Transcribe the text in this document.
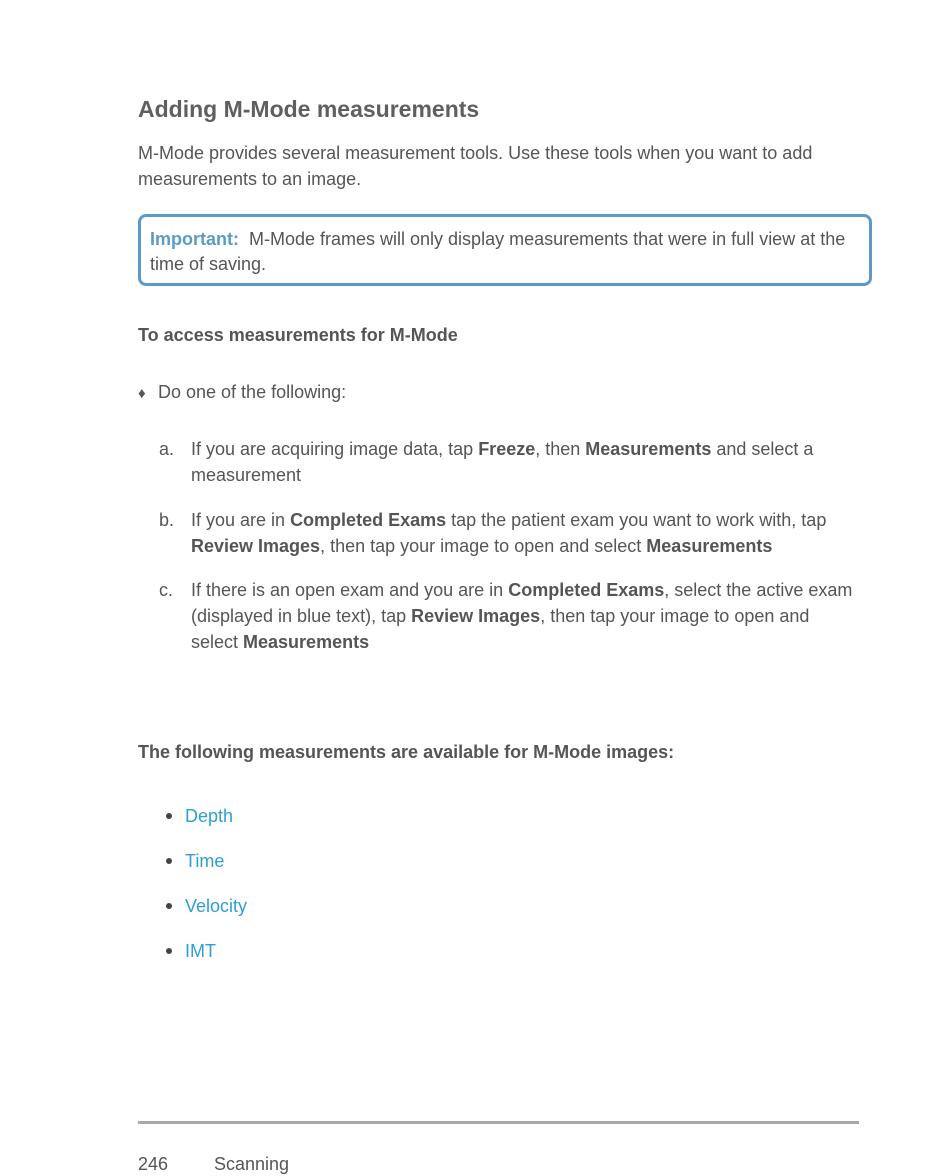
Adding M-Mode measurements
M-Mode provides several measurement tools. Use these tools when you want to add measurements to an image.
Important: M-Mode frames will only display measurements that were in full view at the time of saving.
To access measurements for M-Mode
♦ Do one of the following:
a. If you are acquiring image data, tap Freeze, then Measurements and select a measurement
b. If you are in Completed Exams tap the patient exam you want to work with, tap Review Images, then tap your image to open and select Measurements
c. If there is an open exam and you are in Completed Exams, select the active exam (displayed in blue text), tap Review Images, then tap your image to open and select Measurements
The following measurements are available for M-Mode images:
Depth
Time
Velocity
IMT
246	Scanning
